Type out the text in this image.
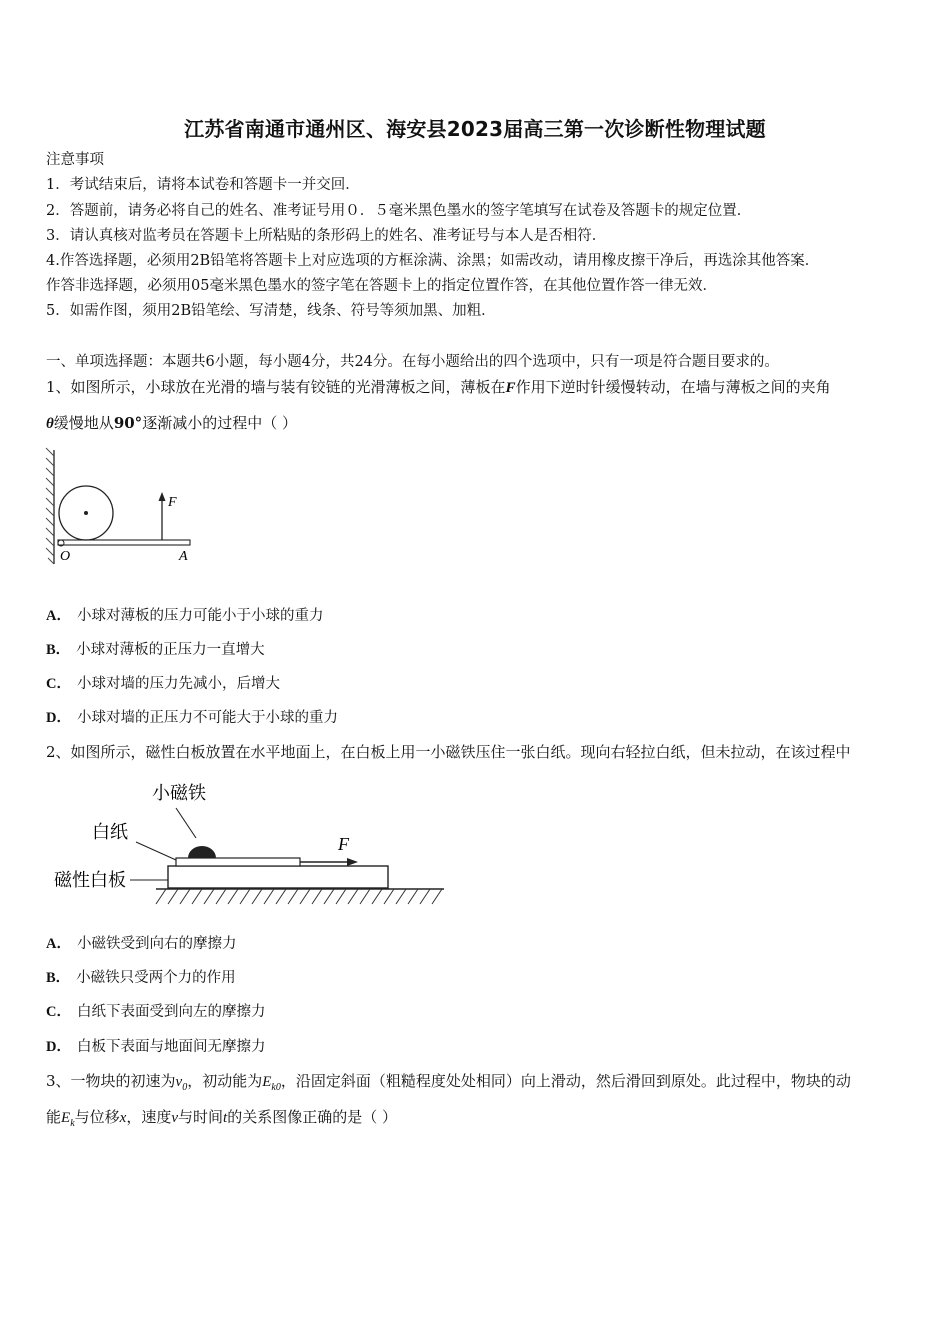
江苏省南通市通州区、海安县2023届高三第一次诊断性物理试题
注意事项
1．考试结束后，请将本试卷和答题卡一并交回．
2．答题前，请务必将自己的姓名、准考证号用０．５毫米黑色墨水的签字笔填写在试卷及答题卡的规定位置．
3．请认真核对监考员在答题卡上所粘贴的条形码上的姓名、准考证号与本人是否相符．
4.作答选择题，必须用2B铅笔将答题卡上对应选项的方框涂满、涂黑；如需改动，请用橡皮擦干净后，再选涂其他答案．
作答非选择题，必须用05毫米黑色墨水的签字笔在答题卡上的指定位置作答，在其他位置作答一律无效．
5．如需作图，须用2B铅笔绘、写清楚，线条、符号等须加黑、加粗．
一、单项选择题：本题共6小题，每小题4分，共24分。在每小题给出的四个选项中，只有一项是符合题目要求的。
1、如图所示，小球放在光滑的墙与装有铰链的光滑薄板之间，薄板在F作用下逆时针缓慢转动，在墙与薄板之间的夹角
θ缓慢地从90°逐渐减小的过程中（ ）
F
O	A
A． 小球对薄板的压力可能小于小球的重力
B． 小球对薄板的正压力一直增大
C． 小球对墙的压力先减小，后增大
D． 小球对墙的正压力不可能大于小球的重力
2、如图所示，磁性白板放置在水平地面上，在白板上用一小磁铁压住一张白纸。现向右轻拉白纸，但未拉动，在该过程中
小磁铁
白纸
磁性白板
F
A． 小磁铁受到向右的摩擦力
B． 小磁铁只受两个力的作用
C． 白纸下表面受到向左的摩擦力
D． 白板下表面与地面间无摩擦力
3、一物块的初速为$v_0$，初动能为$E_{k0}$，沿固定斜面（粗糙程度处处相同）向上滑动，然后滑回到原处。此过程中，物块的动
能$E_k$与位移x，速度v与时间t的关系图像正确的是（ ）
